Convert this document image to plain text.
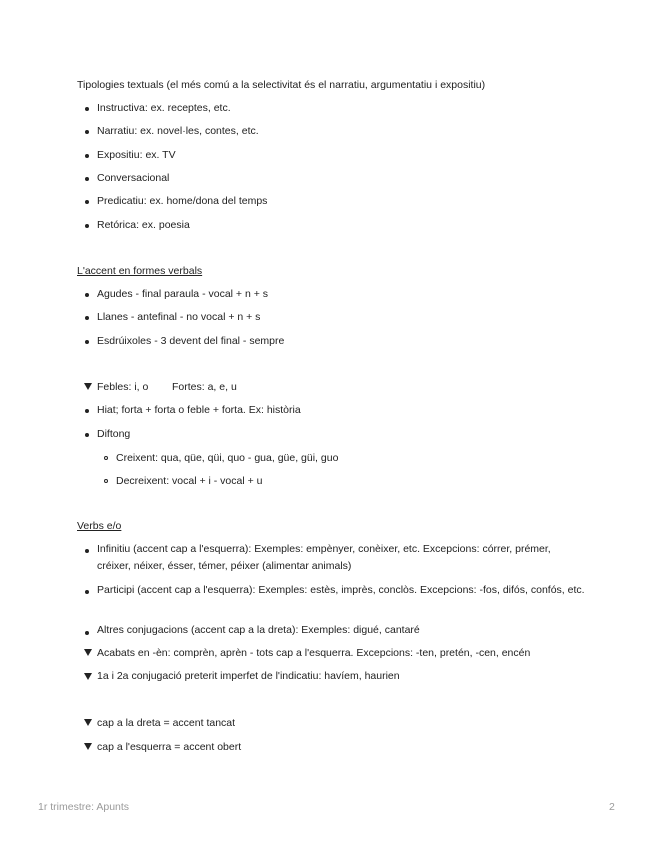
Tipologies textuals (el més comú a la selectivitat és el narratiu, argumentatiu i expositiu)
Instructiva: ex. receptes, etc.
Narratiu: ex. novel·les, contes, etc.
Expositiu: ex. TV
Conversacional
Predicatiu: ex. home/dona del temps
Retórica: ex. poesia
L'accent en formes verbals
Agudes - final paraula - vocal + n + s
Llanes - antefinal - no vocal + n + s
Esdrúixoles - 3 devent del final - sempre
Febles: i, o Fortes: a, e, u
Hiat; forta + forta o feble + forta. Ex: història
Diftong
Creixent: qua, qüe, qüi, quo - gua, güe, güi, guo
Decreixent: vocal + i - vocal + u
Verbs e/o
Infinitiu (accent cap a l'esquerra): Exemples: empènyer, conèixer, etc. Excepcions: córrer, prémer, créixer, néixer, ésser, témer, péixer (alimentar animals)
Participi (accent cap a l'esquerra): Exemples: estès, imprès, conclòs. Excepcions: -fos, difós, confós, etc.
Altres conjugacions (accent cap a la dreta): Exemples: digué, cantaré
Acabats en -èn: comprèn, aprèn - tots cap a l'esquerra. Excepcions: -ten, pretén, -cen, encén
1a i 2a conjugació preterit imperfet de l'indicatiu: havíem, haurien
cap a la dreta = accent tancat
cap a l'esquerra = accent obert
1r trimestre: Apunts	2
